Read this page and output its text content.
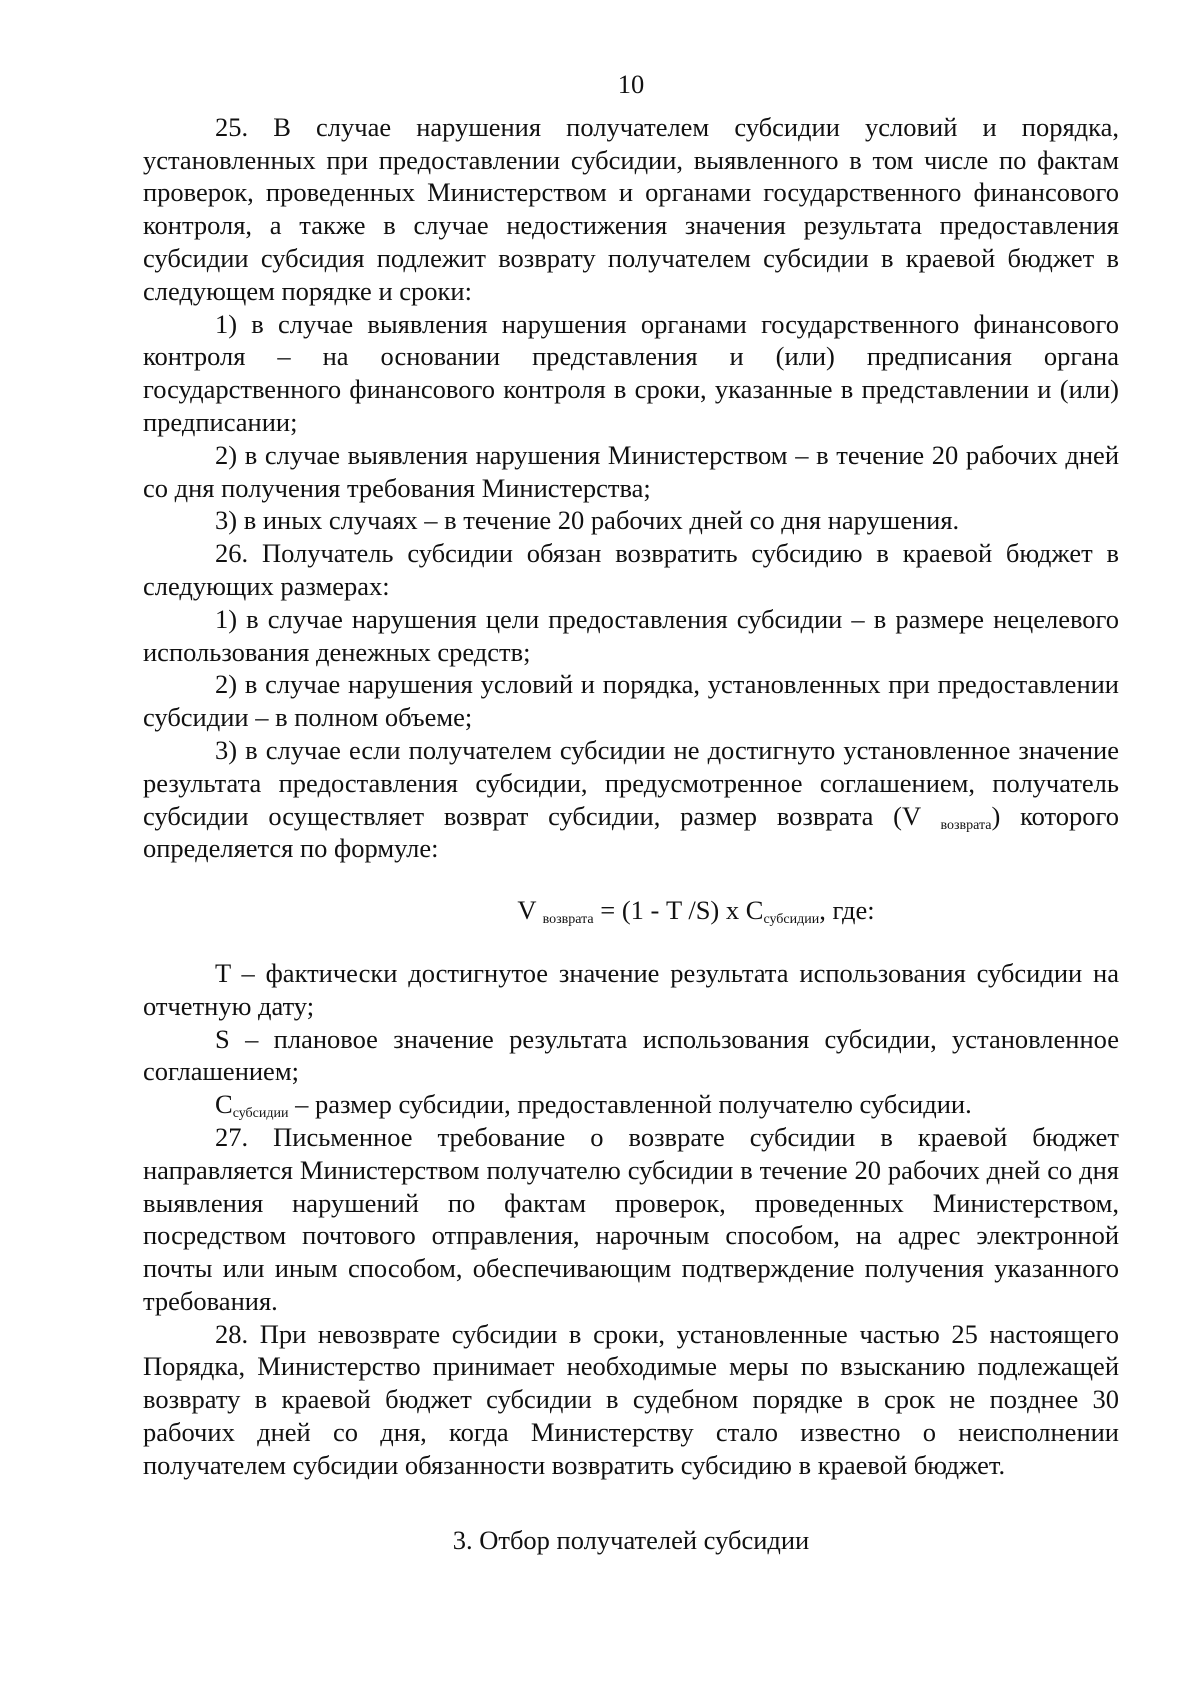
10

25. В случае нарушения получателем субсидии условий и порядка, установленных при предоставлении субсидии, выявленного в том числе по фактам проверок, проведенных Министерством и органами государственного финансового контроля, а также в случае недостижения значения результата предоставления субсидии субсидия подлежит возврату получателем субсидии в краевой бюджет в следующем порядке и сроки:

1) в случае выявления нарушения органами государственного финансового контроля – на основании представления и (или) предписания органа государственного финансового контроля в сроки, указанные в представлении и (или) предписании;

2) в случае выявления нарушения Министерством – в течение 20 рабочих дней со дня получения требования Министерства;

3) в иных случаях – в течение 20 рабочих дней со дня нарушения.

26. Получатель субсидии обязан возвратить субсидию в краевой бюджет в следующих размерах:

1) в случае нарушения цели предоставления субсидии – в размере нецелевого использования денежных средств;

2) в случае нарушения условий и порядка, установленных при предоставлении субсидии – в полном объеме;

3) в случае если получателем субсидии не достигнуто установленное значение результата предоставления субсидии, предусмотренное соглашением, получатель субсидии осуществляет возврат субсидии, размер возврата (V $_{возврата}$) которого определяется по формуле:

V $_{возврата}$ = (1 - T /S) x $C_{субсидии}$, где:

T – фактически достигнутое значение результата использования субсидии на отчетную дату;

S – плановое значение результата использования субсидии, установленное соглашением;

$C_{субсидии}$ – размер субсидии, предоставленной получателю субсидии.

27. Письменное требование о возврате субсидии в краевой бюджет направляется Министерством получателю субсидии в течение 20 рабочих дней со дня выявления нарушений по фактам проверок, проведенных Министерством, посредством почтового отправления, нарочным способом, на адрес электронной почты или иным способом, обеспечивающим подтверждение получения указанного требования.

28. При невозврате субсидии в сроки, установленные частью 25 настоящего Порядка, Министерство принимает необходимые меры по взысканию подлежащей возврату в краевой бюджет субсидии в судебном порядке в срок не позднее 30 рабочих дней со дня, когда Министерству стало известно о неисполнении получателем субсидии обязанности возвратить субсидию в краевой бюджет.

3. Отбор получателей субсидии
